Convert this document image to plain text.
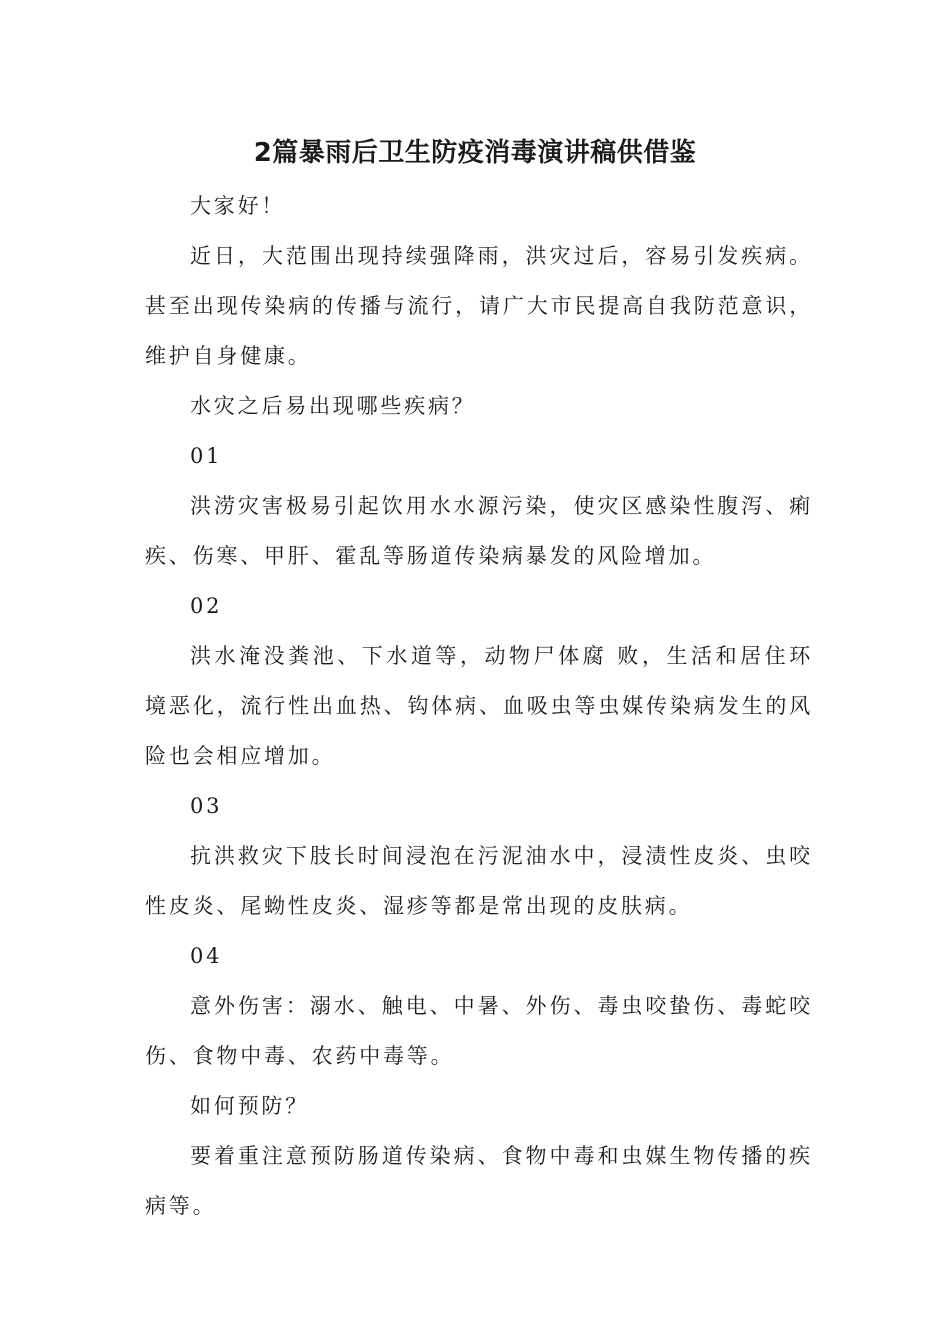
2篇暴雨后卫生防疫消毒演讲稿供借鉴

大家好！

近日，大范围出现持续强降雨，洪灾过后，容易引发疾病。甚至出现传染病的传播与流行，请广大市民提高自我防范意识，维护自身健康。

水灾之后易出现哪些疾病？

01

洪涝灾害极易引起饮用水水源污染，使灾区感染性腹泻、痢疾、伤寒、甲肝、霍乱等肠道传染病暴发的风险增加。

02

洪水淹没粪池、下水道等，动物尸体腐 败，生活和居住环境恶化，流行性出血热、钩体病、血吸虫等虫媒传染病发生的风险也会相应增加。

03

抗洪救灾下肢长时间浸泡在污泥油水中，浸渍性皮炎、虫咬性皮炎、尾蚴性皮炎、湿疹等都是常出现的皮肤病。

04

意外伤害：溺水、触电、中暑、外伤、毒虫咬蛰伤、毒蛇咬伤、食物中毒、农药中毒等。

如何预防？

要着重注意预防肠道传染病、食物中毒和虫媒生物传播的疾病等。
